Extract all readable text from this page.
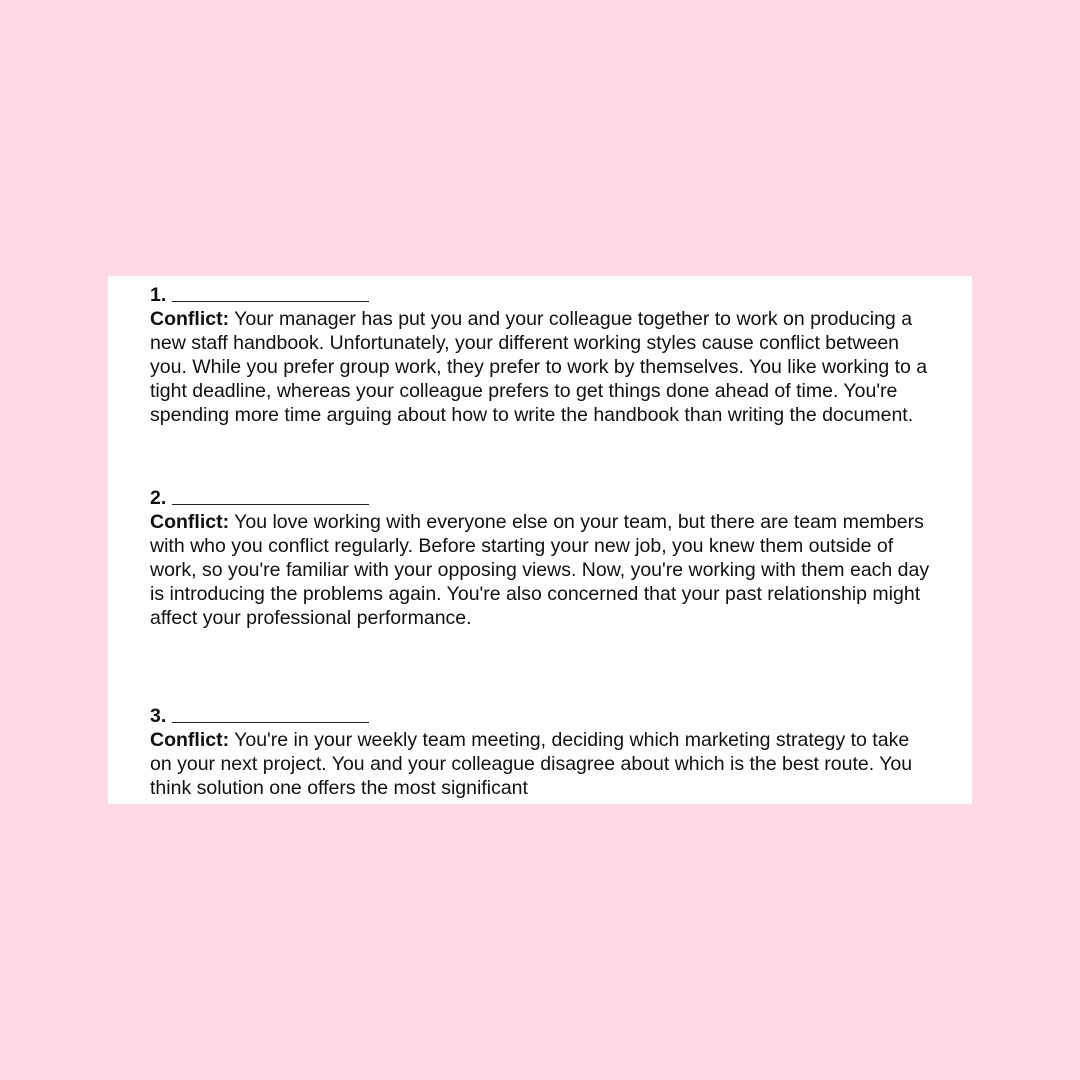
1.

Conflict: Your manager has put you and your colleague together to work on producing a new staff handbook. Unfortunately, your different working styles cause conflict between you. While you prefer group work, they prefer to work by themselves. You like working to a tight deadline, whereas your colleague prefers to get things done ahead of time. You're spending more time arguing about how to write the handbook than writing the document.

2.

Conflict: You love working with everyone else on your team, but there are team members with who you conflict regularly. Before starting your new job, you knew them outside of work, so you're familiar with your opposing views. Now, you're working with them each day is introducing the problems again. You're also concerned that your past relationship might affect your professional performance.

3.

Conflict: You're in your weekly team meeting, deciding which marketing strategy to take on your next project. You and your colleague disagree about which is the best route. You think solution one offers the most significant
